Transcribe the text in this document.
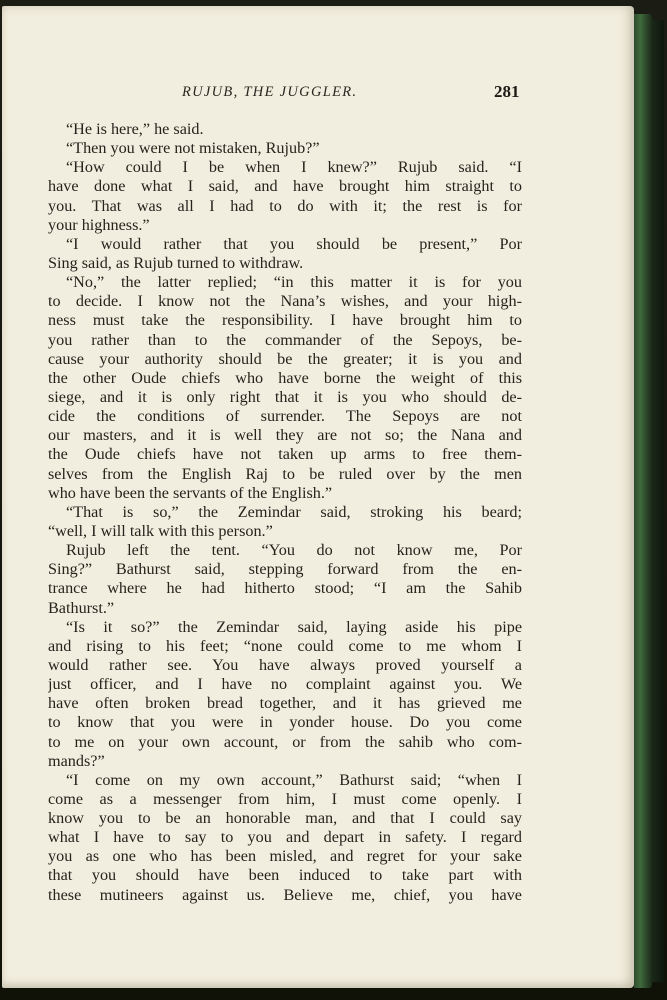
RUJUB, THE JUGGLER.	281
“He is here,” he said.
“Then you were not mistaken, Rujub?”
“How could I be when I knew?” Rujub said. “I
have done what I said, and have brought him straight to
you. That was all I had to do with it; the rest is for
your highness.”
“I would rather that you should be present,” Por
Sing said, as Rujub turned to withdraw.
“No,” the latter replied; “in this matter it is for you
to decide. I know not the Nana’s wishes, and your high-
ness must take the responsibility. I have brought him to
you rather than to the commander of the Sepoys, be-
cause your authority should be the greater; it is you and
the other Oude chiefs who have borne the weight of this
siege, and it is only right that it is you who should de-
cide the conditions of surrender. The Sepoys are not
our masters, and it is well they are not so; the Nana and
the Oude chiefs have not taken up arms to free them-
selves from the English Raj to be ruled over by the men
who have been the servants of the English.”
“That is so,” the Zemindar said, stroking his beard;
“well, I will talk with this person.”
Rujub left the tent. “You do not know me, Por
Sing?” Bathurst said, stepping forward from the en-
trance where he had hitherto stood; “I am the Sahib
Bathurst.”
“Is it so?” the Zemindar said, laying aside his pipe
and rising to his feet; “none could come to me whom I
would rather see. You have always proved yourself a
just officer, and I have no complaint against you. We
have often broken bread together, and it has grieved me
to know that you were in yonder house. Do you come
to me on your own account, or from the sahib who com-
mands?”
“I come on my own account,” Bathurst said; “when I
come as a messenger from him, I must come openly. I
know you to be an honorable man, and that I could say
what I have to say to you and depart in safety. I regard
you as one who has been misled, and regret for your sake
that you should have been induced to take part with
these mutineers against us. Believe me, chief, you have
